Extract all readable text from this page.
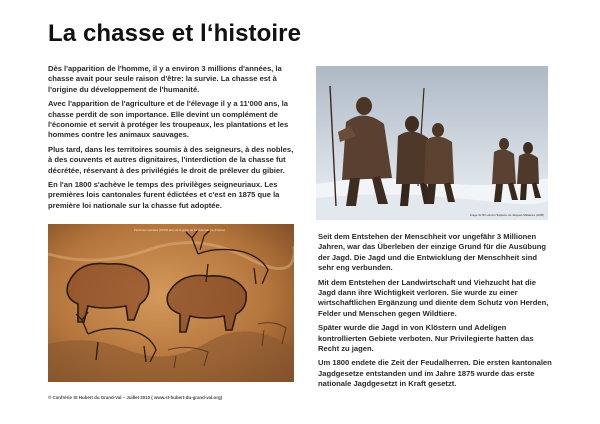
La chasse et l‘histoire

Dès l'apparition de l'homme, il y a environ 3 millions d'années, la chasse avait pour seule raison d'être: la survie. La chasse est à l'origine du développement de l'humanité.

Avec l'apparition de l'agriculture et de l'élevage il y a 11'000 ans, la chasse perdit de son importance. Elle devint un complément de l'économie et servit à protéger les troupeaux, les plantations et les hommes contre les animaux sauvages.

Plus tard, dans les territoires soumis à des seigneurs, à des nobles, à des couvents et autres dignitaires, l'interdiction de la chasse fut décrétée, réservant à des privilégiés le droit de prélever du gibier.

En l'an 1800 s'achève le temps des privilèges seigneuriaux. Les premières lois cantonales furent édictées et c'est en 1875 que la première loi nationale sur la chasse fut adoptée.

Image du film ‹Homo Sapiens› de Jacques Malaterre (2005)
Peintures rupestres (15'000 ans) de la grotte de Font-de-Gaume (France)

Seit dem Entstehen der Menschheit vor ungefähr 3 Millionen Jahren, war das Überleben der einzige Grund für die Ausübung der Jagd. Die Jagd und die Entwicklung der Menschheit sind sehr eng verbunden.

Mit dem Entstehen der Landwirtschaft und Viehzucht hat die Jagd dann ihre Wichtigkeit verloren. Sie wurde zu einer wirtschaftlichen Ergänzung und diente dem Schutz von Herden, Felder und Menschen gegen Wildtiere.

Später wurde die Jagd in von Klöstern und Adeligen kontrollierten Gebiete verboten. Nur Privilegierte hatten das Recht zu jagen.

Um 1800 endete die Zeit der Feudalherren. Die ersten kantonalen Jagdgesetze entstanden und im Jahre 1875 wurde das erste nationale Jagdgesetzt in Kraft gesetzt.

© Confrérie St Hubert du Grand-Val – Juillet 2010 ( www.st-hubert-du-grand-val.org)
